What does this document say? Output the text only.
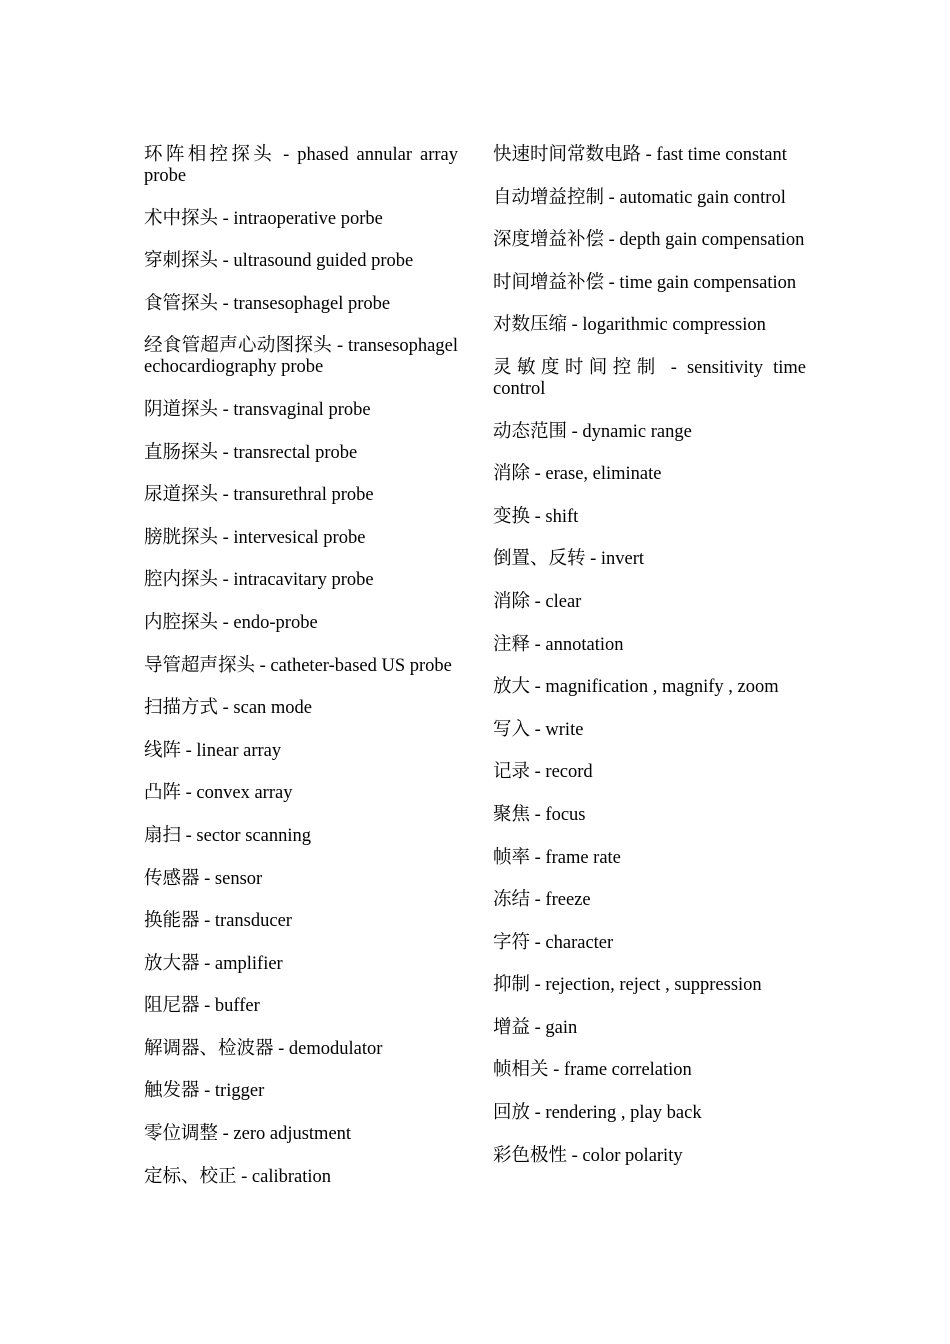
环阵相控探头 - phased annular array probe

术中探头 - intraoperative porbe

穿刺探头 - ultrasound guided probe

食管探头 - transesophagel probe

经食管超声心动图探头 - transesophagel echocardiography probe

阴道探头 - transvaginal probe

直肠探头 - transrectal probe

尿道探头 - transurethral probe

膀胱探头 - intervesical probe

腔内探头 - intracavitary probe

内腔探头 - endo-probe

导管超声探头 - catheter-based US probe

扫描方式 - scan mode

线阵 - linear array

凸阵 - convex array

扇扫 - sector scanning

传感器 - sensor

换能器 - transducer

放大器 - amplifier

阻尼器 - buffer

解调器、检波器 - demodulator

触发器 - trigger

零位调整 - zero adjustment

定标、校正 - calibration

快速时间常数电路 - fast time constant

自动增益控制 - automatic gain control

深度增益补偿 - depth gain compensation

时间增益补偿 - time gain compensation

对数压缩 - logarithmic compression

灵敏度时间控制 - sensitivity time control

动态范围 - dynamic range

消除 - erase, eliminate

变换 - shift

倒置、反转 - invert

消除 - clear

注释 - annotation

放大 - magnification , magnify , zoom

写入 - write

记录 - record

聚焦 - focus

帧率 - frame rate

冻结 - freeze

字符 - character

抑制 - rejection, reject , suppression

增益 - gain

帧相关 - frame correlation

回放 - rendering , play back

彩色极性 - color polarity
